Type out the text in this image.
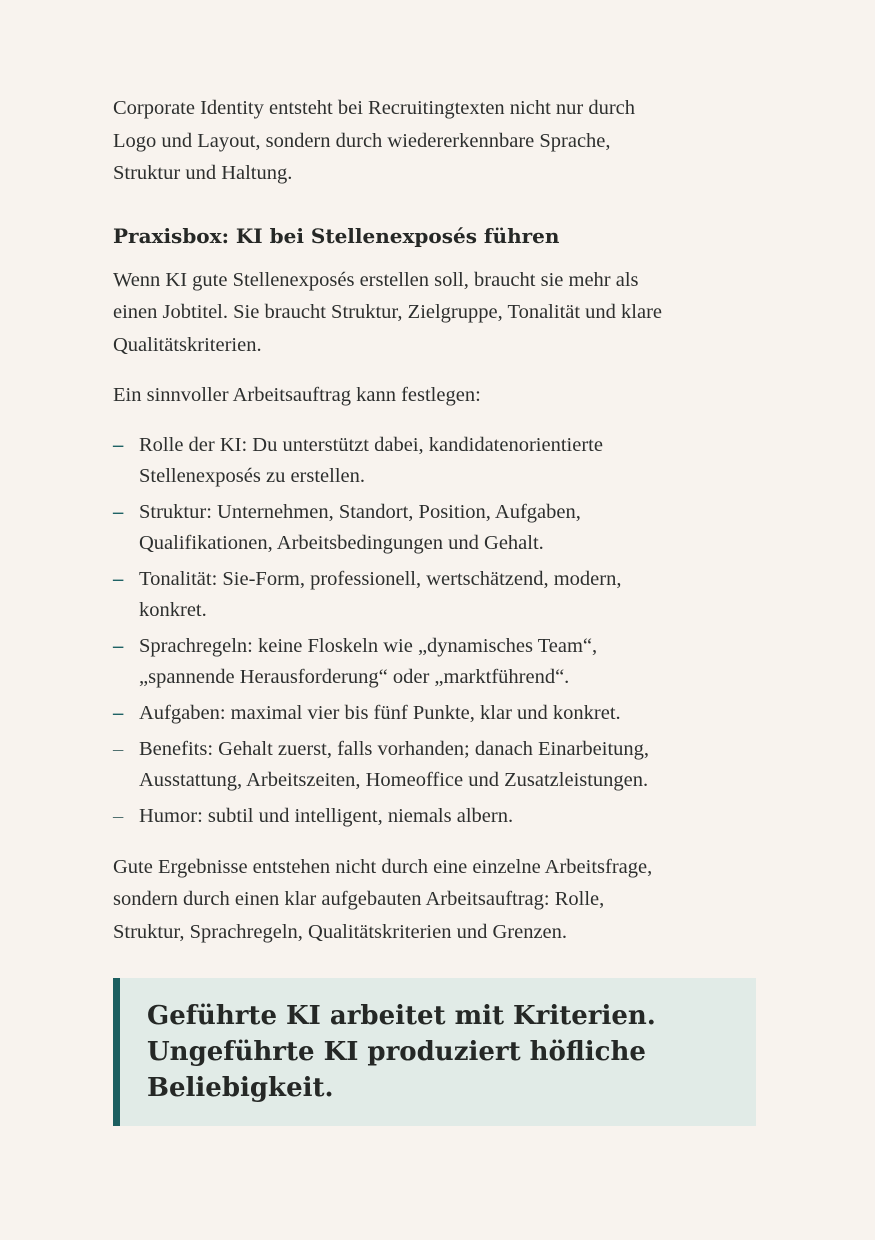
Corporate Identity entsteht bei Recruitingtexten nicht nur durch
Logo und Layout, sondern durch wiedererkennbare Sprache,
Struktur und Haltung.

Praxisbox: KI bei Stellenexposés führen

Wenn KI gute Stellenexposés erstellen soll, braucht sie mehr als
einen Jobtitel. Sie braucht Struktur, Zielgruppe, Tonalität und klare
Qualitätskriterien.

Ein sinnvoller Arbeitsauftrag kann festlegen:

– Rolle der KI: Du unterstützt dabei, kandidatenorientierte
Stellenexposés zu erstellen.
– Struktur: Unternehmen, Standort, Position, Aufgaben,
Qualifikationen, Arbeitsbedingungen und Gehalt.
– Tonalität: Sie-Form, professionell, wertschätzend, modern,
konkret.
– Sprachregeln: keine Floskeln wie „dynamisches Team“,
„spannende Herausforderung“ oder „marktführend“.
– Aufgaben: maximal vier bis fünf Punkte, klar und konkret.
– Benefits: Gehalt zuerst, falls vorhanden; danach Einarbeitung,
Ausstattung, Arbeitszeiten, Homeoffice und Zusatzleistungen.
– Humor: subtil und intelligent, niemals albern.

Gute Ergebnisse entstehen nicht durch eine einzelne Arbeitsfrage,
sondern durch einen klar aufgebauten Arbeitsauftrag: Rolle,
Struktur, Sprachregeln, Qualitätskriterien und Grenzen.

Geführte KI arbeitet mit Kriterien.
Ungeführte KI produziert höfliche
Beliebigkeit.
